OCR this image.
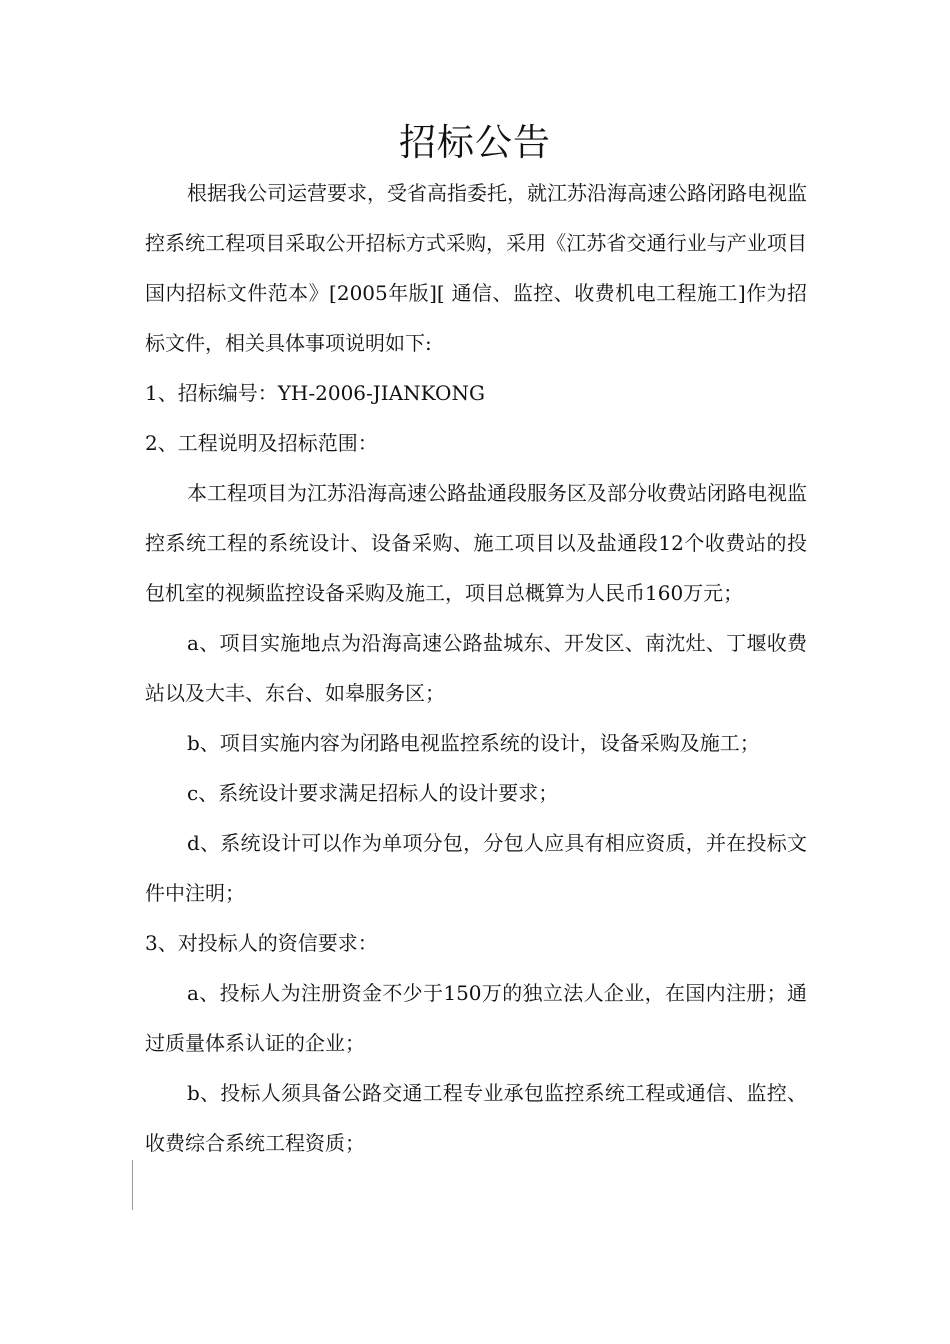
招标公告

根据我公司运营要求，受省高指委托，就江苏沿海高速公路闭路电视监控系统工程项目采取公开招标方式采购，采用《江苏省交通行业与产业项目国内招标文件范本》[2005年版][ 通信、监控、收费机电工程施工]作为招标文件，相关具体事项说明如下:

1、招标编号：YH-2006-JIANKONG

2、工程说明及招标范围：

本工程项目为江苏沿海高速公路盐通段服务区及部分收费站闭路电视监控系统工程的系统设计、设备采购、施工项目以及盐通段12个收费站的投包机室的视频监控设备采购及施工，项目总概算为人民币160万元；

a、项目实施地点为沿海高速公路盐城东、开发区、南沈灶、丁堰收费站以及大丰、东台、如皋服务区；

b、项目实施内容为闭路电视监控系统的设计，设备采购及施工；

c、系统设计要求满足招标人的设计要求；

d、系统设计可以作为单项分包，分包人应具有相应资质，并在投标文件中注明；

3、对投标人的资信要求：

a、投标人为注册资金不少于150万的独立法人企业，在国内注册；通过质量体系认证的企业；

b、投标人须具备公路交通工程专业承包监控系统工程或通信、监控、收费综合系统工程资质；
